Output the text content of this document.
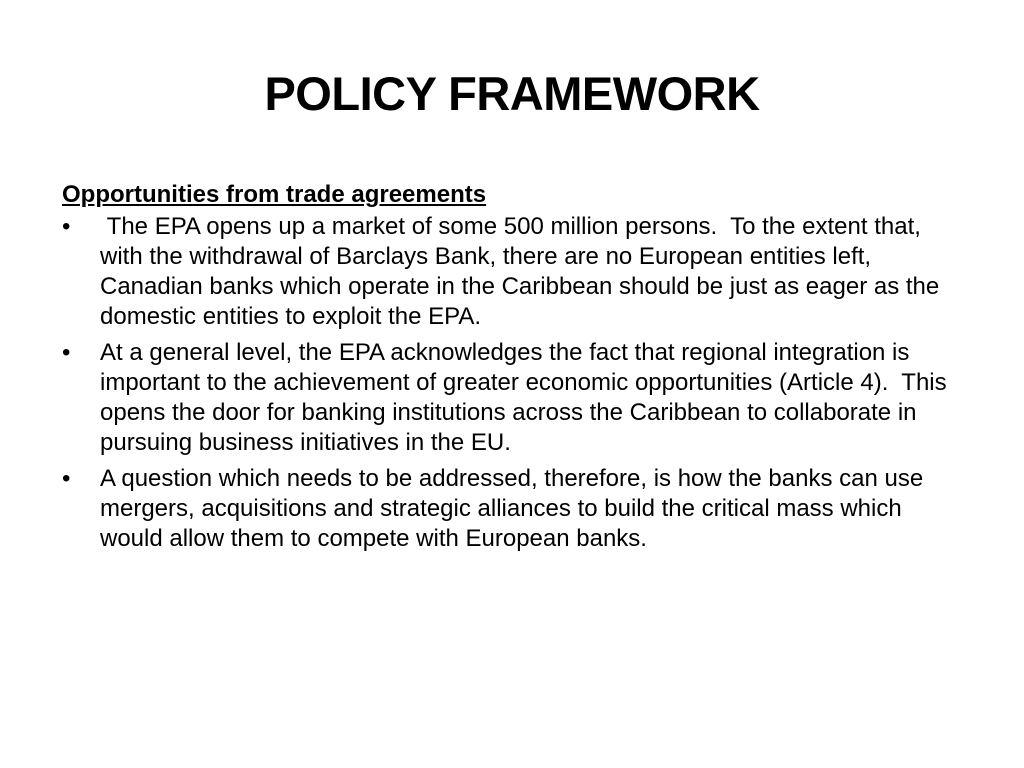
POLICY FRAMEWORK

Opportunities from trade agreements

•	The EPA opens up a market of some 500 million persons.  To the extent that, with the withdrawal of Barclays Bank, there are no European entities left, Canadian banks which operate in the Caribbean should be just as eager as the domestic entities to exploit the EPA.
•	At a general level, the EPA acknowledges the fact that regional integration is important to the achievement of greater economic opportunities (Article 4).  This opens the door for banking institutions across the Caribbean to collaborate in pursuing business initiatives in the EU.
•	A question which needs to be addressed, therefore, is how the banks can use mergers, acquisitions and strategic alliances to build the critical mass which would allow them to compete with European banks.
